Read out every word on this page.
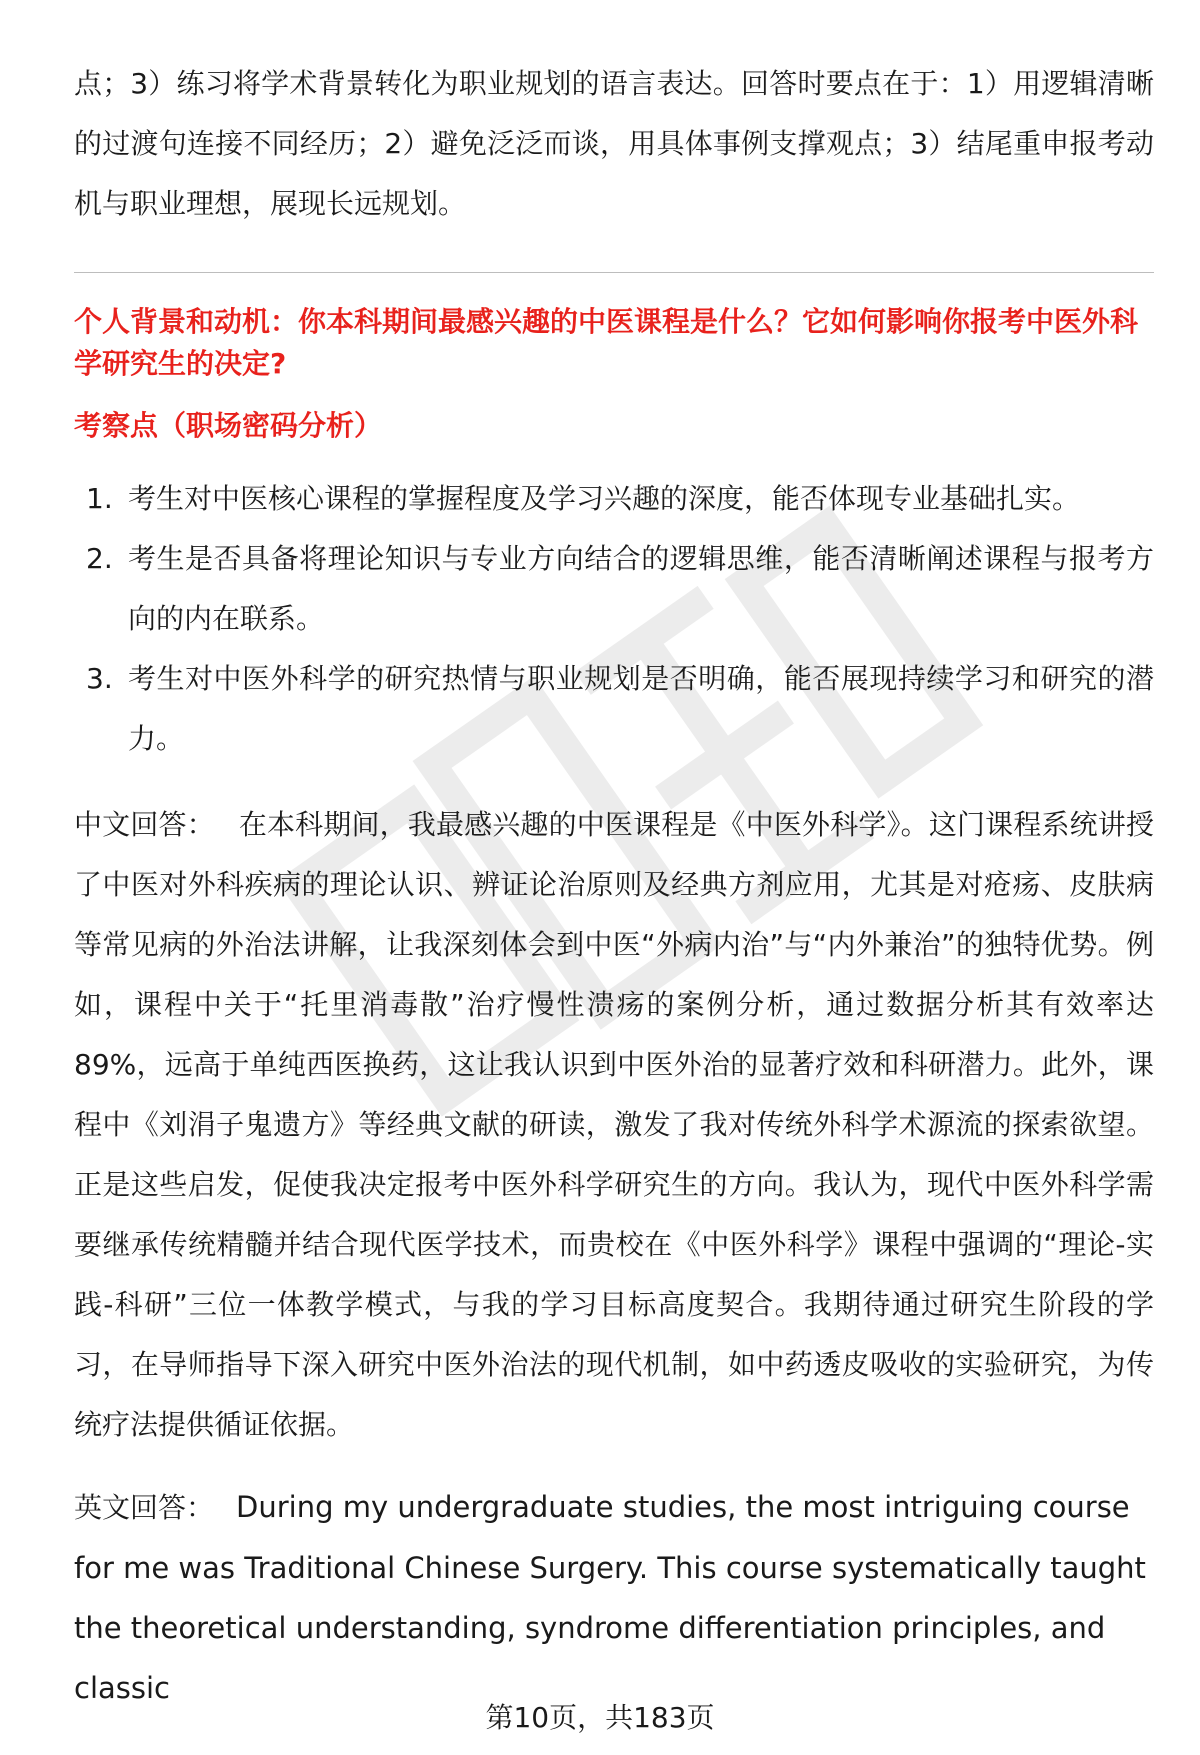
点；3）练习将学术背景转化为职业规划的语言表达。回答时要点在于：1）用逻辑清晰的过渡句连接不同经历；2）避免泛泛而谈，用具体事例支撑观点；3）结尾重申报考动机与职业理想，展现长远规划。

个人背景和动机：你本科期间最感兴趣的中医课程是什么？它如何影响你报考中医外科学研究生的决定?

考察点（职场密码分析）

1. 考生对中医核心课程的掌握程度及学习兴趣的深度，能否体现专业基础扎实。
2. 考生是否具备将理论知识与专业方向结合的逻辑思维，能否清晰阐述课程与报考方向的内在联系。
3. 考生对中医外科学的研究热情与职业规划是否明确，能否展现持续学习和研究的潜力。

中文回答： 在本科期间，我最感兴趣的中医课程是《中医外科学》。这门课程系统讲授了中医对外科疾病的理论认识、辨证论治原则及经典方剂应用，尤其是对疮疡、皮肤病等常见病的外治法讲解，让我深刻体会到中医“外病内治”与“内外兼治”的独特优势。例如，课程中关于“托里消毒散”治疗慢性溃疡的案例分析，通过数据分析其有效率达89%，远高于单纯西医换药，这让我认识到中医外治的显著疗效和科研潜力。此外，课程中《刘涓子鬼遗方》等经典文献的研读，激发了我对传统外科学术源流的探索欲望。正是这些启发，促使我决定报考中医外科学研究生的方向。我认为，现代中医外科学需要继承传统精髓并结合现代医学技术，而贵校在《中医外科学》课程中强调的“理论-实践-科研”三位一体教学模式，与我的学习目标高度契合。我期待通过研究生阶段的学习，在导师指导下深入研究中医外治法的现代机制，如中药透皮吸收的实验研究，为传统疗法提供循证依据。

英文回答： During my undergraduate studies, the most intriguing course for me was Traditional Chinese Surgery. This course systematically taught the theoretical understanding, syndrome differentiation principles, and classic

第10页，共183页
